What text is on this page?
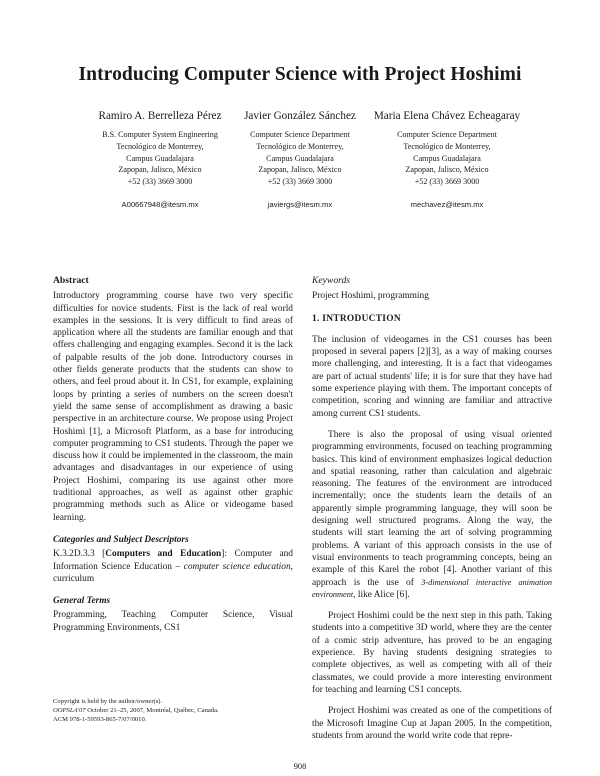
Introducing Computer Science with Project Hoshimi
Ramiro A. Berrelleza Pérez
B.S. Computer System Engineering
Tecnológico de Monterrey,
Campus Guadalajara
Zapopan, Jalisco, México
+52 (33) 3669 3000
A00667948@itesm.mx
Javier González Sánchez
Computer Science Department
Tecnológico de Monterrey,
Campus Guadalajara
Zapopan, Jalisco, México
+52 (33) 3669 3000
javiergs@itesm.mx
Maria Elena Chávez Echeagaray
Computer Science Department
Tecnológico de Monterrey,
Campus Guadalajara
Zapopan, Jalisco, México
+52 (33) 3669 3000
mechavez@itesm.mx
Abstract

Introductory programming course have two very specific difficulties for novice students. First is the lack of real world examples in the sessions. It is very difficult to find areas of application where all the students are familiar enough and that offers challenging and engaging examples. Second it is the lack of palpable results of the job done. Introductory courses in other fields generate products that the students can show to others, and feel proud about it. In CS1, for example, explaining loops by printing a series of numbers on the screen doesn't yield the same sense of accomplishment as drawing a basic perspective in an architecture course. We propose using Project Hoshimi [1], a Microsoft Platform, as a base for introducing computer programming to CS1 students. Through the paper we discuss how it could be implemented in the classroom, the main advantages and disadvantages in our experience of using Project Hoshimi, comparing its use against other more traditional approaches, as well as against other graphic programming methods such as Alice or videogame based learning.

Categories and Subject Descriptors

K.3.2D.3.3 [Computers and Education]: Computer and Information Science Education – computer science education, curriculum

General Terms

Programming, Teaching Computer Science, Visual Programming Environments, CS1

Copyright is held by the author/owner(s).
OOPSLA'07 October 21–25, 2007, Montréal, Québec, Canada.
ACM 978-1-59593-865-7/07/0010.
Keywords

Project Hoshimi, programming

1. INTRODUCTION

The inclusion of videogames in the CS1 courses has been proposed in several papers [2][3], as a way of making courses more challenging, and interesting. It is a fact that videogames are part of actual students' life; it is for sure that they have had some experience playing with them. The important concepts of competition, scoring and winning are familiar and attractive among current CS1 students.

There is also the proposal of using visual oriented programming environments, focused on teaching programming basics. This kind of environment emphasizes logical deduction and spatial reasoning, rather than calculation and algebraic reasoning. The features of the environment are introduced incrementally; once the students learn the details of an apparently simple programming language, they will soon be designing well structured programs. Along the way, the students will start learning the art of solving programming problems. A variant of this approach consists in the use of visual environments to teach programming concepts, being an example of this Karel the robot [4]. Another variant of this approach is the use of 3-dimensional interactive animation environment, like Alice [6].

Project Hoshimi could be the next step in this path. Taking students into a competitive 3D world, where they are the center of a comic strip adventure, has proved to be an engaging experience. By having students designing strategies to complete objectives, as well as competing with all of their classmates, we could provide a more interesting environment for teaching and learning CS1 concepts.

Project Hoshimi was created as one of the competitions of the Microsoft Imagine Cup at Japan 2005. In the competition, students from around the world write code that repre-

908
